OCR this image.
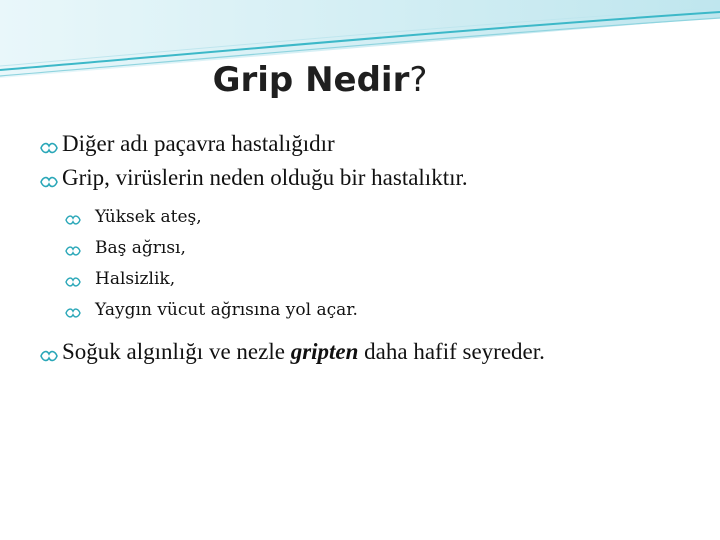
Grip Nedir?
Diğer adı paçavra hastalığıdır
Grip, virüslerin neden olduğu bir hastalıktır.
Yüksek ateş,
Baş ağrısı,
Halsizlik,
Yaygın vücut ağrısına yol açar.
Soğuk algınlığı ve nezle gripten daha hafif seyreder.
